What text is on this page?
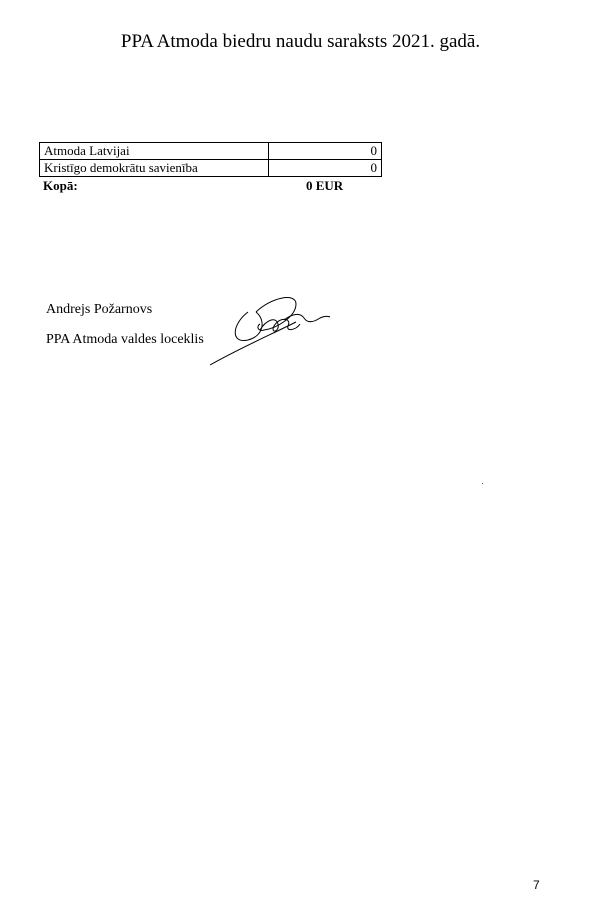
PPA Atmoda biedru naudu saraksts 2021. gadā.
Atmoda Latvijai	0
Kristīgo demokrātu savienība	0
Kopā:	0 EUR
Andrejs Požarnovs
PPA Atmoda valdes loceklis
7
